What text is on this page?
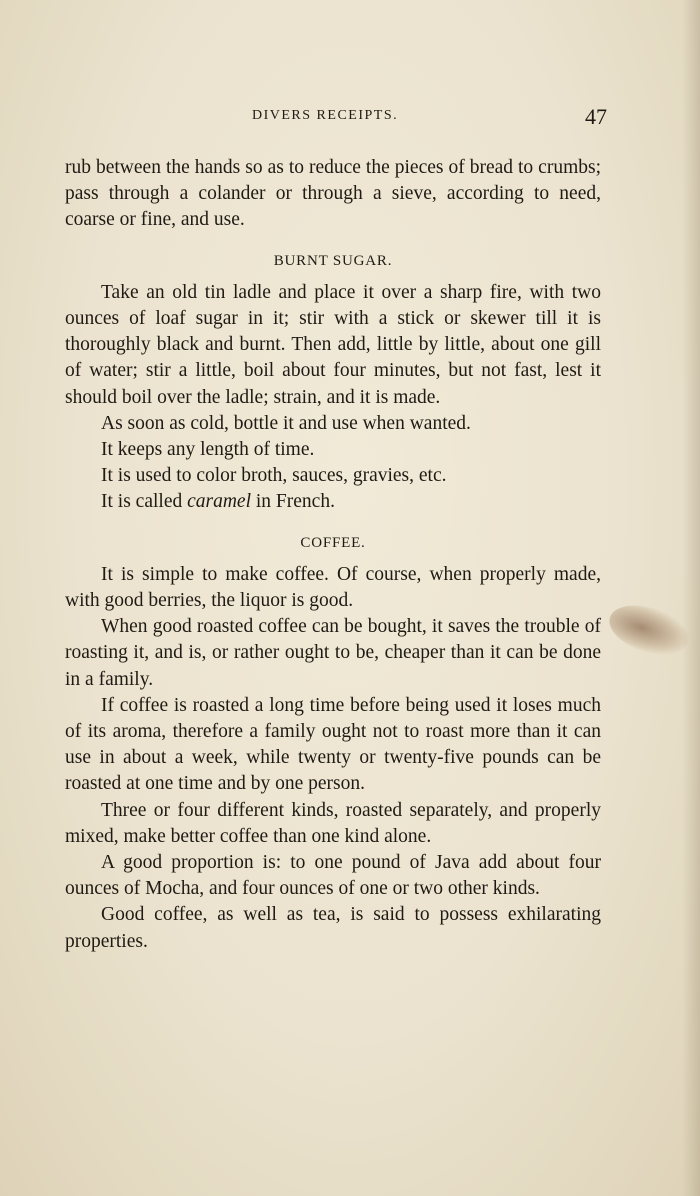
DIVERS RECEIPTS.	47

rub between the hands so as to reduce the pieces of bread to crumbs; pass through a colander or through a sieve, according to need, coarse or fine, and use.

BURNT SUGAR.

Take an old tin ladle and place it over a sharp fire, with two ounces of loaf sugar in it; stir with a stick or skewer till it is thoroughly black and burnt. Then add, little by little, about one gill of water; stir a little, boil about four minutes, but not fast, lest it should boil over the ladle; strain, and it is made.

As soon as cold, bottle it and use when wanted.

It keeps any length of time.

It is used to color broth, sauces, gravies, etc.

It is called caramel in French.

COFFEE.

It is simple to make coffee. Of course, when properly made, with good berries, the liquor is good.

When good roasted coffee can be bought, it saves the trouble of roasting it, and is, or rather ought to be, cheaper than it can be done in a family.

If coffee is roasted a long time before being used it loses much of its aroma, therefore a family ought not to roast more than it can use in about a week, while twenty or twenty-five pounds can be roasted at one time and by one person.

Three or four different kinds, roasted separately, and properly mixed, make better coffee than one kind alone.

A good proportion is: to one pound of Java add about four ounces of Mocha, and four ounces of one or two other kinds.

Good coffee, as well as tea, is said to possess exhilarating properties.
